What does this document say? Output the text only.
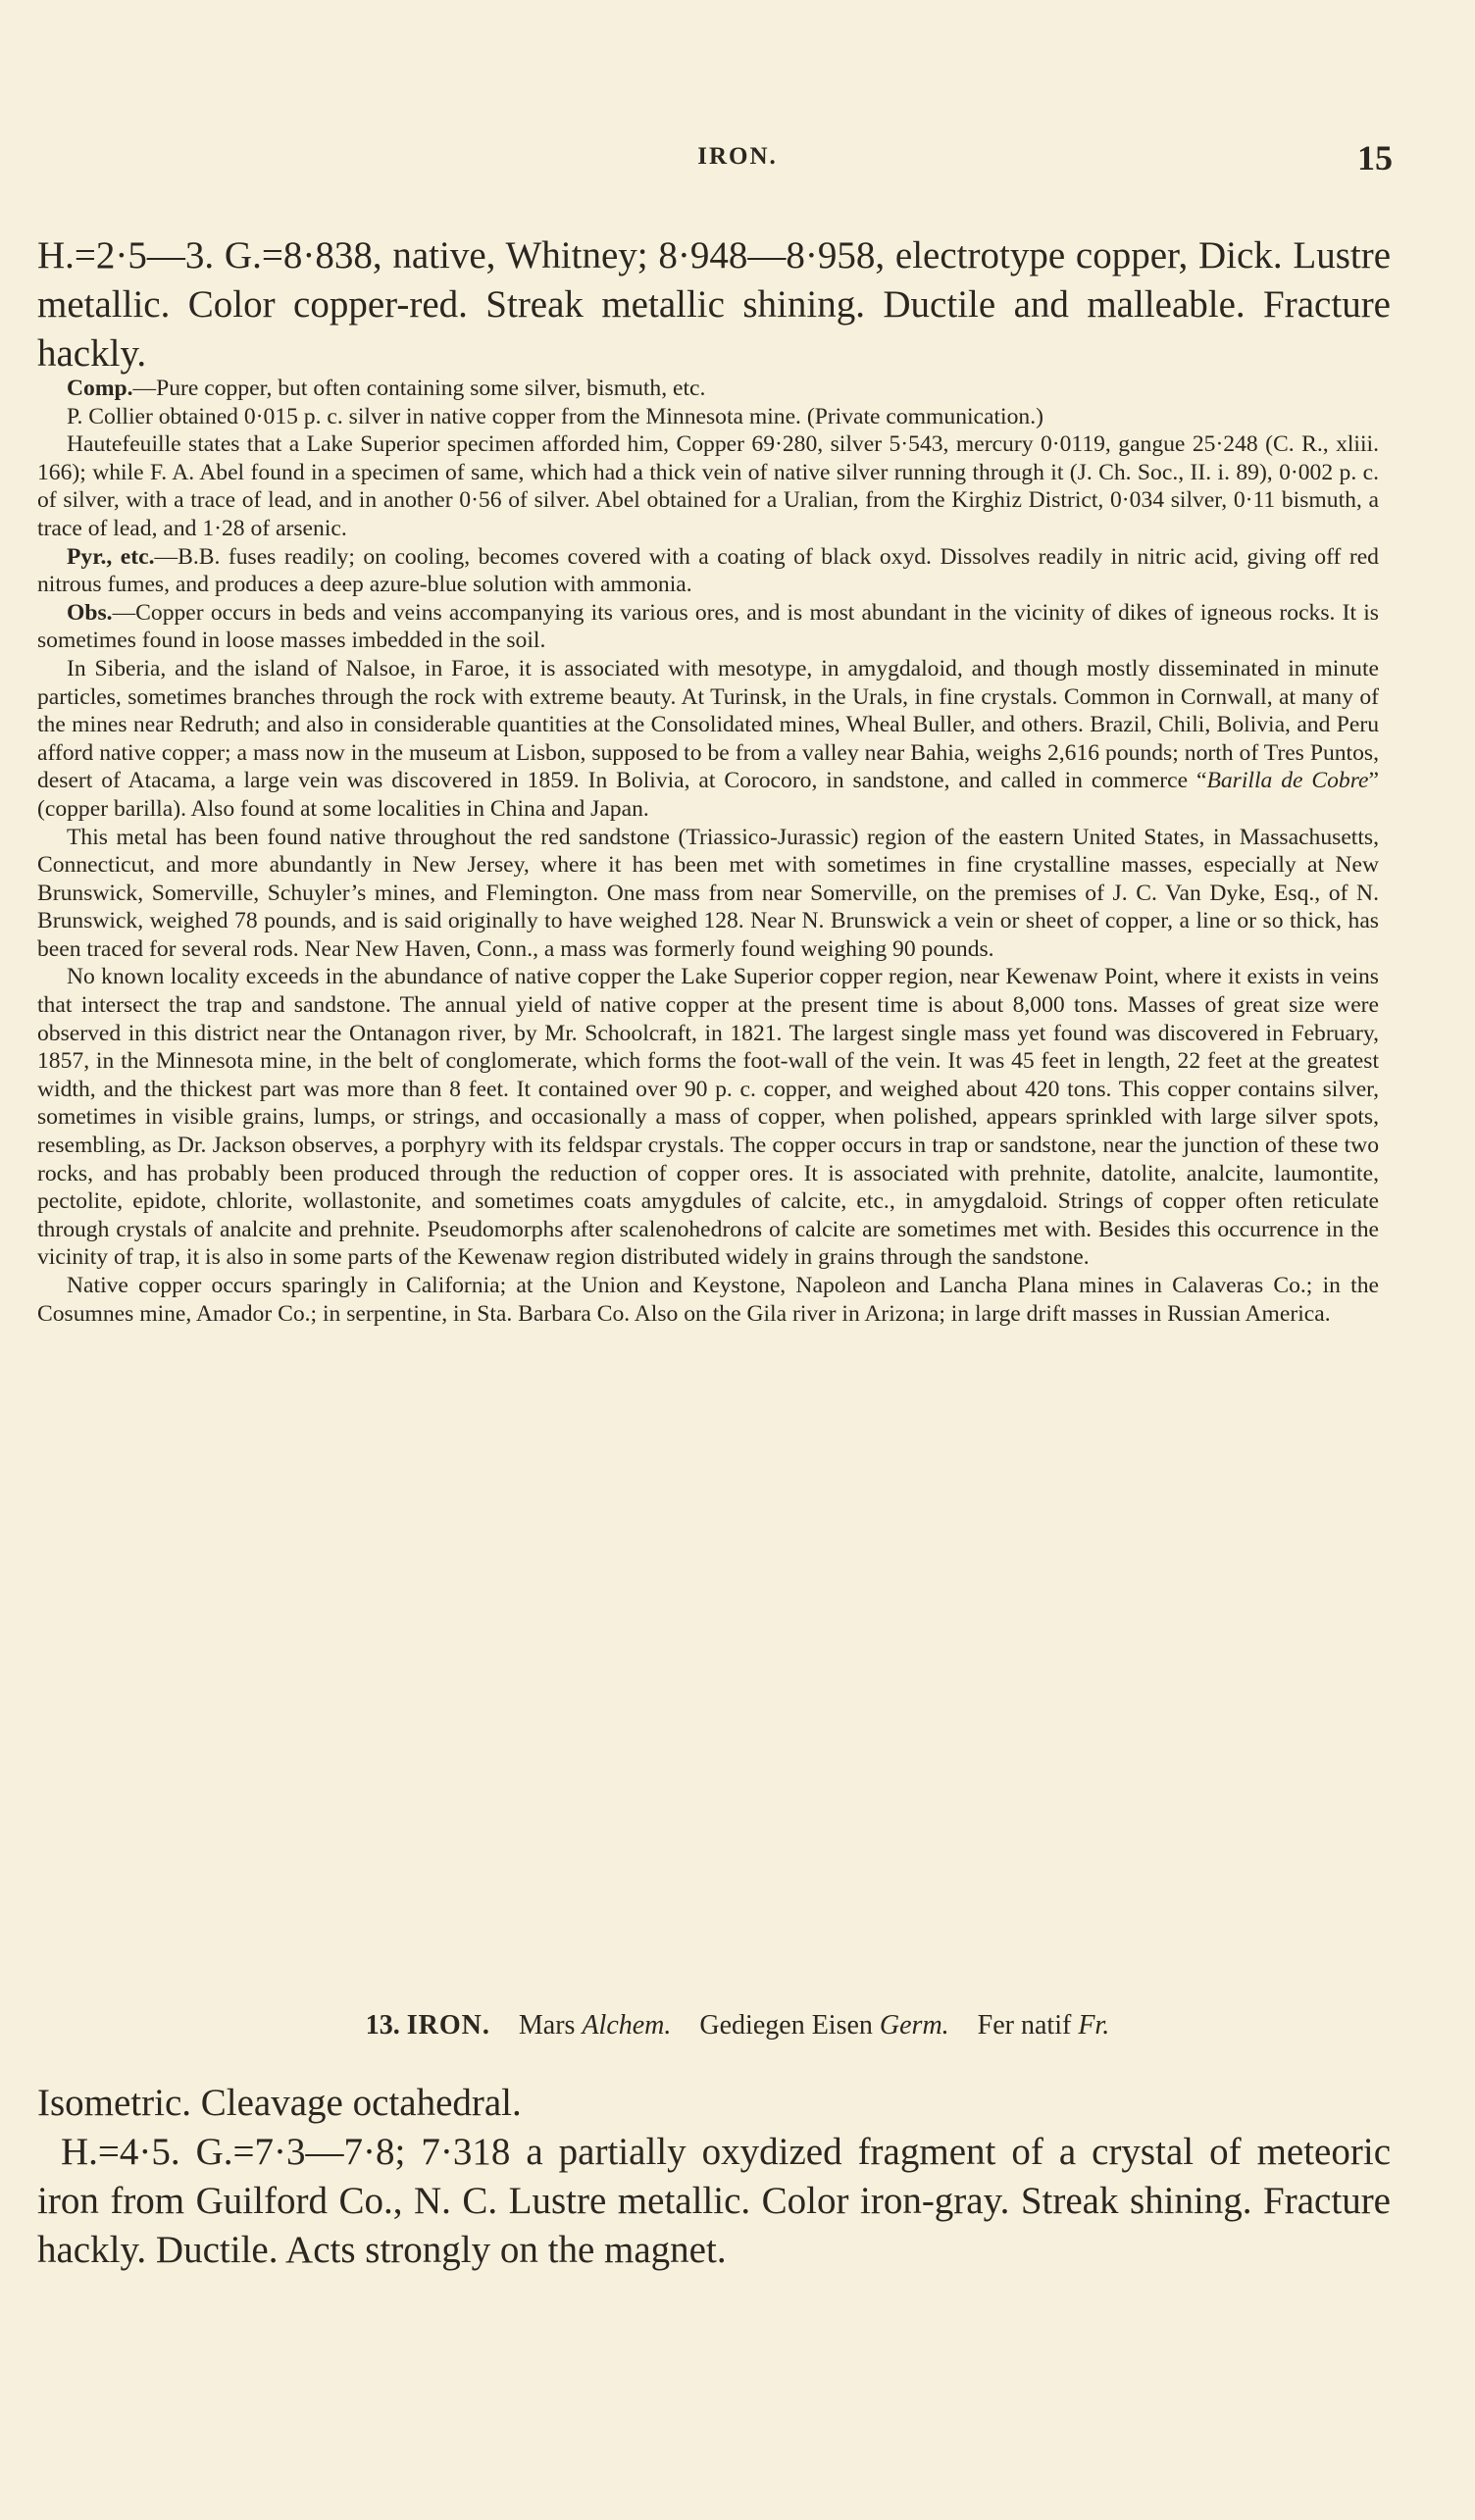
IRON.	15

H.=2·5—3. G.=8·838, native, Whitney; 8·948—8·958, electrotype copper, Dick. Lustre metallic. Color copper-red. Streak metallic shining. Ductile and malleable. Fracture hackly.

Comp.—Pure copper, but often containing some silver, bismuth, etc.

P. Collier obtained 0·015 p. c. silver in native copper from the Minnesota mine. (Private communication.)

Hautefeuille states that a Lake Superior specimen afforded him, Copper 69·280, silver 5·543, mercury 0·0119, gangue 25·248 (C. R., xliii. 166); while F. A. Abel found in a specimen of same, which had a thick vein of native silver running through it (J. Ch. Soc., II. i. 89), 0·002 p. c. of silver, with a trace of lead, and in another 0·56 of silver. Abel obtained for a Uralian, from the Kirghiz District, 0·034 silver, 0·11 bismuth, a trace of lead, and 1·28 of arsenic.

Pyr., etc.—B.B. fuses readily; on cooling, becomes covered with a coating of black oxyd. Dissolves readily in nitric acid, giving off red nitrous fumes, and produces a deep azure-blue solution with ammonia.

Obs.—Copper occurs in beds and veins accompanying its various ores, and is most abundant in the vicinity of dikes of igneous rocks. It is sometimes found in loose masses imbedded in the soil.

In Siberia, and the island of Nalsoe, in Faroe, it is associated with mesotype, in amygdaloid, and though mostly disseminated in minute particles, sometimes branches through the rock with extreme beauty. At Turinsk, in the Urals, in fine crystals. Common in Cornwall, at many of the mines near Redruth; and also in considerable quantities at the Consolidated mines, Wheal Buller, and others. Brazil, Chili, Bolivia, and Peru afford native copper; a mass now in the museum at Lisbon, supposed to be from a valley near Bahia, weighs 2,616 pounds; north of Tres Puntos, desert of Atacama, a large vein was discovered in 1859. In Bolivia, at Corocoro, in sandstone, and called in commerce “Barilla de Cobre” (copper barilla). Also found at some localities in China and Japan.

This metal has been found native throughout the red sandstone (Triassico-Jurassic) region of the eastern United States, in Massachusetts, Connecticut, and more abundantly in New Jersey, where it has been met with sometimes in fine crystalline masses, especially at New Brunswick, Somerville, Schuyler’s mines, and Flemington. One mass from near Somerville, on the premises of J. C. Van Dyke, Esq., of N. Brunswick, weighed 78 pounds, and is said originally to have weighed 128. Near N. Brunswick a vein or sheet of copper, a line or so thick, has been traced for several rods. Near New Haven, Conn., a mass was formerly found weighing 90 pounds.

No known locality exceeds in the abundance of native copper the Lake Superior copper region, near Kewenaw Point, where it exists in veins that intersect the trap and sandstone. The annual yield of native copper at the present time is about 8,000 tons. Masses of great size were observed in this district near the Ontanagon river, by Mr. Schoolcraft, in 1821. The largest single mass yet found was discovered in February, 1857, in the Minnesota mine, in the belt of conglomerate, which forms the foot-wall of the vein. It was 45 feet in length, 22 feet at the greatest width, and the thickest part was more than 8 feet. It contained over 90 p. c. copper, and weighed about 420 tons. This copper contains silver, sometimes in visible grains, lumps, or strings, and occasionally a mass of copper, when polished, appears sprinkled with large silver spots, resembling, as Dr. Jackson observes, a porphyry with its feldspar crystals. The copper occurs in trap or sandstone, near the junction of these two rocks, and has probably been produced through the reduction of copper ores. It is associated with prehnite, datolite, analcite, laumontite, pectolite, epidote, chlorite, wollastonite, and sometimes coats amygdules of calcite, etc., in amygdaloid. Strings of copper often reticulate through crystals of analcite and prehnite. Pseudomorphs after scalenohedrons of calcite are sometimes met with. Besides this occurrence in the vicinity of trap, it is also in some parts of the Kewenaw region distributed widely in grains through the sandstone.

Native copper occurs sparingly in California; at the Union and Keystone, Napoleon and Lancha Plana mines in Calaveras Co.; in the Cosumnes mine, Amador Co.; in serpentine, in Sta. Barbara Co. Also on the Gila river in Arizona; in large drift masses in Russian America.

13. IRON. Mars Alchem. Gediegen Eisen Germ. Fer natif Fr.

Isometric. Cleavage octahedral.

H.=4·5. G.=7·3—7·8; 7·318 a partially oxydized fragment of a crystal of meteoric iron from Guilford Co., N. C. Lustre metallic. Color iron-gray. Streak shining. Fracture hackly. Ductile. Acts strongly on the magnet.
